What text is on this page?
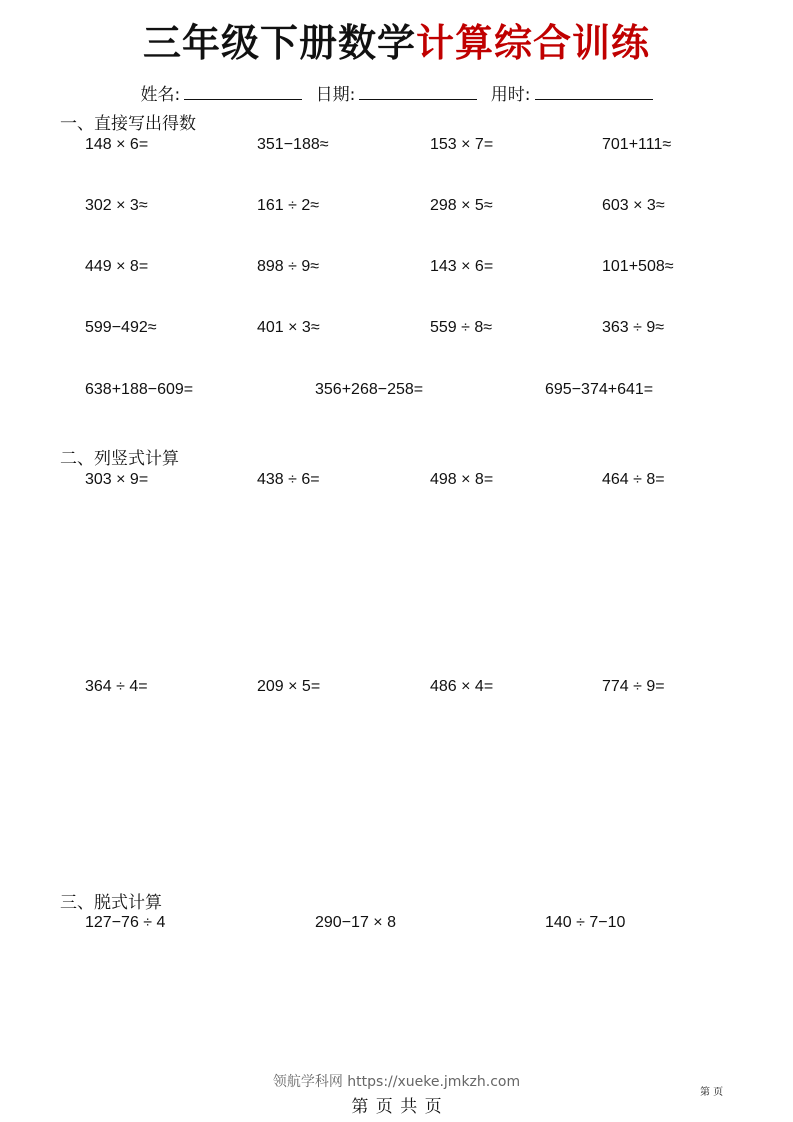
三年级下册数学计算综合训练
姓名:	日期:	用时:
一、直接写出得数
148 × 6=	351−188≈	153 × 7=	701+111≈
302 × 3≈	161 ÷ 2≈	298 × 5≈	603 × 3≈
449 × 8=	898 ÷ 9≈	143 × 6=	101+508≈
599−492≈	401 × 3≈	559 ÷ 8≈	363 ÷ 9≈
638+188−609=	356+268−258=	695−374+641=
二、列竖式计算
303 × 9=	438 ÷ 6=	498 × 8=	464 ÷ 8=
364 ÷ 4=	209 × 5=	486 × 4=	774 ÷ 9=
三、脱式计算
127−76 ÷ 4	290−17 × 8	140 ÷ 7−10
领航学科网 https://xueke.jmkzh.com
第 页 共 页
第 页
